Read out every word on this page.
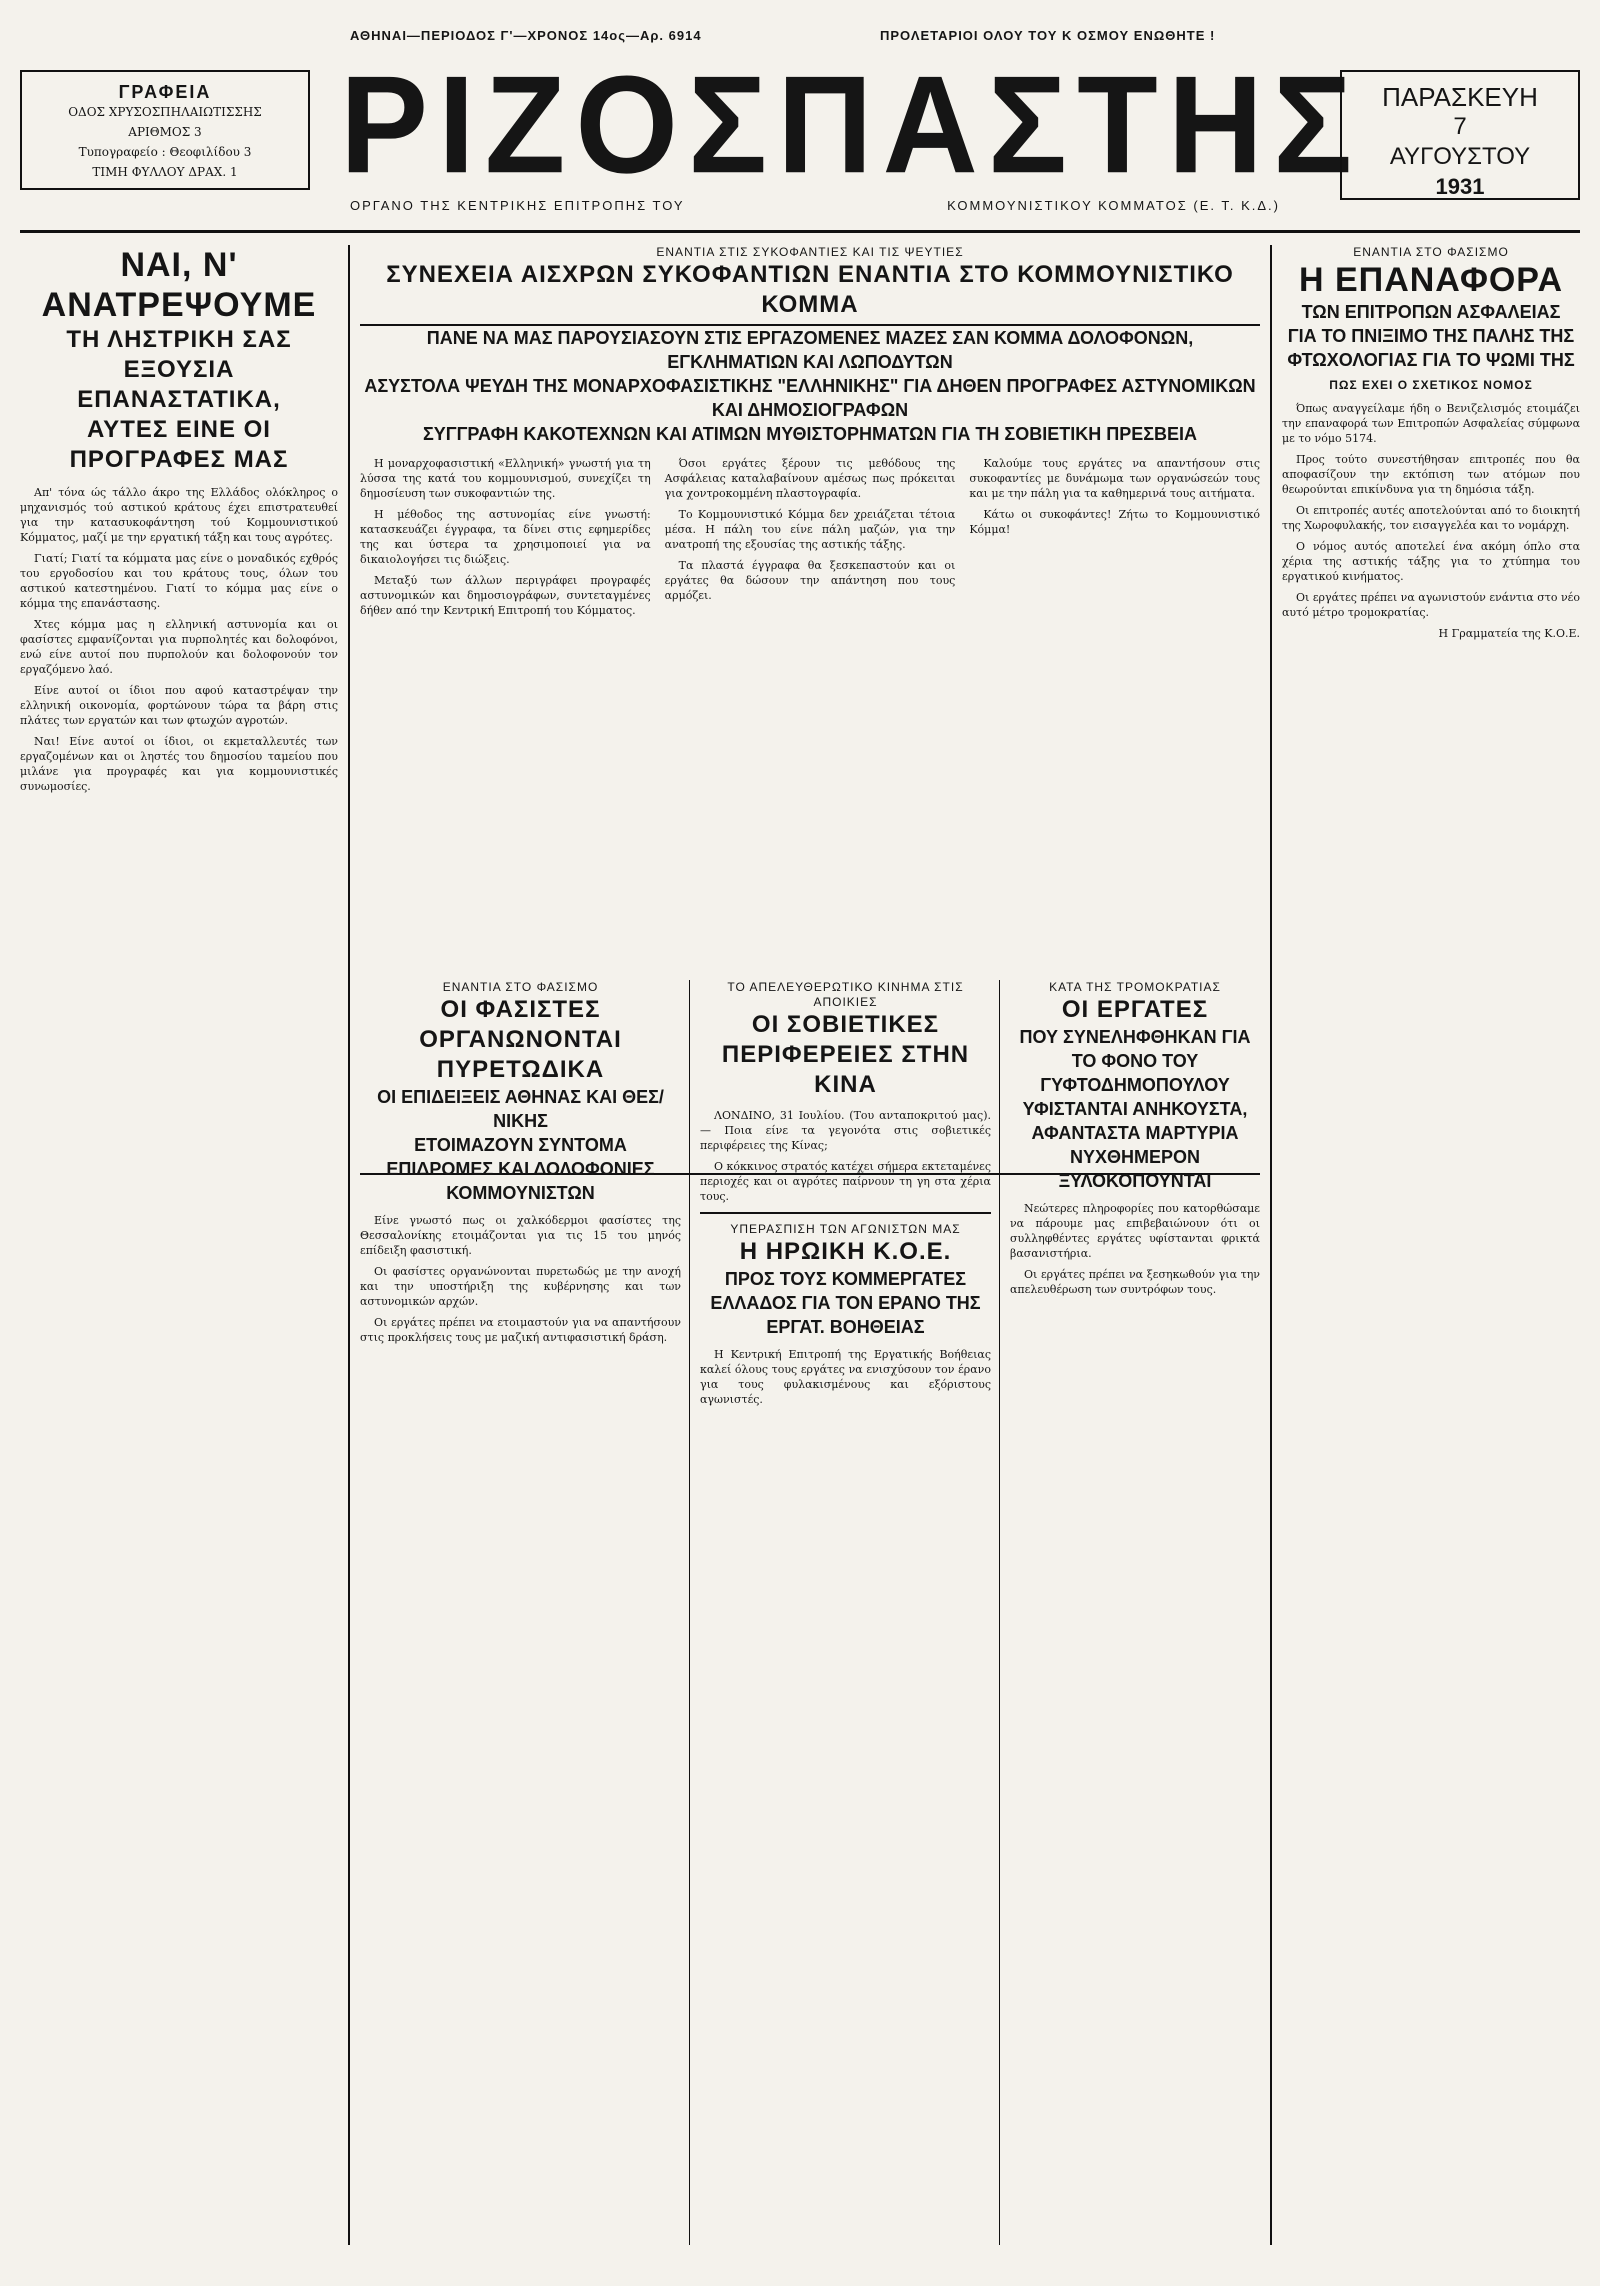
ΑΘΗΝΑΙ—ΠΕΡΙΟΔΟΣ Γ'—ΧΡΟΝΟΣ 14ος—Αρ. 6914	ΠΡΟΛΕΤΑΡΙΟΙ ΟΛΟΥ ΤΟΥ Κ ΟΣΜΟΥ ΕΝΩΘΗΤΕ !
ΓΡΑΦΕΙΑ
ΟΔΟΣ ΧΡΥΣΟΣΠΗΛΑΙΩΤΙΣΣΗΣ
ΑΡΙΘΜΟΣ 3
Τυπογραφείο : Θεοφιλίδου 3
ΤΙΜΗ ΦΥΛΛΟΥ ΔΡΑΧ. 1 ΡΙΖΟΣΠΑΣΤΗΣ ΠΑΡΑΣΚΕΥΗ
7
ΑΥΓΟΥΣΤΟΥ
1931
ΟΡΓΑΝΟ ΤΗΣ ΚΕΝΤΡΙΚΗΣ ΕΠΙΤΡΟΠΗΣ ΤΟΥ	ΚΟΜΜΟΥΝΙΣΤΙΚΟΥ ΚΟΜΜΑΤΟΣ (Ε. Τ. Κ.Δ.)
ΝΑΙ, Ν' ΑΝΑΤΡΕΨΟΥΜΕ
ΤΗ ΛΗΣΤΡΙΚΗ ΣΑΣ ΕΞΟΥΣΙΑ ΕΠΑΝΑΣΤΑΤΙΚΑ,
ΑΥΤΕΣ ΕΙΝΕ ΟΙ ΠΡΟΓΡΑΦΕΣ ΜΑΣ

Απ' τόνα ώς τάλλο άκρο της Ελλάδος ολόκληρος ο μηχανισμός τού αστικού κράτους έχει επιστρατευθεί για την κατασυκοφάντηση τού Κομμουνιστικού Κόμματος, μαζί με την εργατική τάξη και τους αγρότες.

Γιατί; Γιατί τα κόμματα μας είνε ο μοναδικός εχθρός του εργοδοσίου και του κράτους τους, όλων του αστικού κατεστημένου. Γιατί το κόμμα μας είνε ο κόμμα της επανάστασης.

Χτες κόμμα μας η ελληνική αστυνομία και οι φασίστες εμφανίζονται για πυρπολητές και δολοφόνοι, ενώ είνε αυτοί που πυρπολούν και δολοφονούν τον εργαζόμενο λαό.

Είνε αυτοί οι ίδιοι που αφού καταστρέψαν την ελληνική οικονομία, φορτώνουν τώρα τα βάρη στις πλάτες των εργατών και των φτωχών αγροτών.

Ναι! Είνε αυτοί οι ίδιοι, οι εκμεταλλευτές των εργαζομένων και οι ληστές του δημοσίου ταμείου που μιλάνε για προγραφές και για κομμουνιστικές συνωμοσίες.

ΕΝΑΝΤΙΑ ΣΤΙΣ ΣΥΚΟΦΑΝΤΙΕΣ ΚΑΙ ΤΙΣ ΨΕΥΤΙΕΣ
ΣΥΝΕΧΕΙΑ ΑΙΣΧΡΩΝ ΣΥΚΟΦΑΝΤΙΩΝ ΕΝΑΝΤΙΑ ΣΤΟ ΚΟΜΜΟΥΝΙΣΤΙΚΟ ΚΟΜΜΑ
ΠΑΝΕ ΝΑ ΜΑΣ ΠΑΡΟΥΣΙΑΣΟΥΝ ΣΤΙΣ ΕΡΓΑΖΟΜΕΝΕΣ ΜΑΖΕΣ ΣΑΝ ΚΟΜΜΑ ΔΟΛΟΦΟΝΩΝ, ΕΓΚΛΗΜΑΤΙΩΝ ΚΑΙ ΛΩΠΟΔΥΤΩΝ
ΑΣΥΣΤΟΛΑ ΨΕΥΔΗ ΤΗΣ ΜΟΝΑΡΧΟΦΑΣΙΣΤΙΚΗΣ "ΕΛΛΗΝΙΚΗΣ" ΓΙΑ ΔΗΘΕΝ ΠΡΟΓΡΑΦΕΣ ΑΣΤΥΝΟΜΙΚΩΝ ΚΑΙ ΔΗΜΟΣΙΟΓΡΑΦΩΝ
ΣΥΓΓΡΑΦΗ ΚΑΚΟΤΕΧΝΩΝ ΚΑΙ ΑΤΙΜΩΝ ΜΥΘΙΣΤΟΡΗΜΑΤΩΝ ΓΙΑ ΤΗ ΣΟΒΙΕΤΙΚΗ ΠΡΕΣΒΕΙΑ

Η μοναρχοφασιστική «Ελληνική» γνωστή για τη λύσσα της κατά του κομμουνισμού, συνεχίζει τη δημοσίευση των συκοφαντιών της.

Η μέθοδος της αστυνομίας είνε γνωστή: κατασκευάζει έγγραφα, τα δίνει στις εφημερίδες της και ύστερα τα χρησιμοποιεί για να δικαιολογήσει τις διώξεις.

Μεταξύ των άλλων περιγράφει προγραφές αστυνομικών και δημοσιογράφων, συντεταγμένες δήθεν από την Κεντρική Επιτροπή του Κόμματος.

Όσοι εργάτες ξέρουν τις μεθόδους της Ασφάλειας καταλαβαίνουν αμέσως πως πρόκειται για χοντροκομμένη πλαστογραφία.

Το Κομμουνιστικό Κόμμα δεν χρειάζεται τέτοια μέσα. Η πάλη του είνε πάλη μαζών, για την ανατροπή της εξουσίας της αστικής τάξης.

Τα πλαστά έγγραφα θα ξεσκεπαστούν και οι εργάτες θα δώσουν την απάντηση που τους αρμόζει.

Καλούμε τους εργάτες να απαντήσουν στις συκοφαντίες με δυνάμωμα των οργανώσεών τους και με την πάλη για τα καθημερινά τους αιτήματα.

Κάτω οι συκοφάντες! Ζήτω το Κομμουνιστικό Κόμμα!

ΕΝΑΝΤΙΑ ΣΤΟ ΦΑΣΙΣΜΟ
ΟΙ ΦΑΣΙΣΤΕΣ ΟΡΓΑΝΩΝΟΝΤΑΙ ΠΥΡΕΤΩΔΙΚΑ
ΟΙ ΕΠΙΔΕΙΞΕΙΣ ΑΘΗΝΑΣ ΚΑΙ ΘΕΣ/ΝΙΚΗΣ
ΕΤΟΙΜΑΖΟΥΝ ΣΥΝΤΟΜΑ ΕΠΙΔΡΟΜΕΣ ΚΑΙ ΔΟΛΟΦΟΝΙΕΣ ΚΟΜΜΟΥΝΙΣΤΩΝ

Είνε γνωστό πως οι χαλκόδερμοι φασίστες της Θεσσαλονίκης ετοιμάζονται για τις 15 του μηνός επίδειξη φασιστική.

Οι φασίστες οργανώνονται πυρετωδώς με την ανοχή και την υποστήριξη της κυβέρνησης και των αστυνομικών αρχών.

Οι εργάτες πρέπει να ετοιμαστούν για να απαντήσουν στις προκλήσεις τους με μαζική αντιφασιστική δράση.

ΤΟ ΑΠΕΛΕΥΘΕΡΩΤΙΚΟ ΚΙΝΗΜΑ ΣΤΙΣ ΑΠΟΙΚΙΕΣ
ΟΙ ΣΟΒΙΕΤΙΚΕΣ ΠΕΡΙΦΕΡΕΙΕΣ ΣΤΗΝ ΚΙΝΑ

ΛΟΝΔΙΝΟ, 31 Ιουλίου. (Του ανταποκριτού μας). — Ποια είνε τα γεγονότα στις σοβιετικές περιφέρειες της Κίνας;

Ο κόκκινος στρατός κατέχει σήμερα εκτεταμένες περιοχές και οι αγρότες παίρνουν τη γη στα χέρια τους.

ΥΠΕΡΑΣΠΙΣΗ ΤΩΝ ΑΓΩΝΙΣΤΩΝ ΜΑΣ
Η ΗΡΩΙΚΗ Κ.Ο.Ε.
ΠΡΟΣ ΤΟΥΣ ΚΟΜΜΕΡΓΑΤΕΣ ΕΛΛΑΔΟΣ ΓΙΑ ΤΟΝ ΕΡΑΝΟ ΤΗΣ ΕΡΓΑΤ. ΒΟΗΘΕΙΑΣ

Η Κεντρική Επιτροπή της Εργατικής Βοήθειας καλεί όλους τους εργάτες να ενισχύσουν τον έρανο για τους φυλακισμένους και εξόριστους αγωνιστές.

ΚΑΤΑ ΤΗΣ ΤΡΟΜΟΚΡΑΤΙΑΣ
ΟΙ ΕΡΓΑΤΕΣ
ΠΟΥ ΣΥΝΕΛΗΦΘΗΚΑΝ ΓΙΑ ΤΟ ΦΟΝΟ ΤΟΥ ΓΥΦΤΟΔΗΜΟΠΟΥΛΟΥ ΥΦΙΣΤΑΝΤΑΙ ΑΝΗΚΟΥΣΤΑ, ΑΦΑΝΤΑΣΤΑ ΜΑΡΤΥΡΙΑ
ΝΥΧΘΗΜΕΡΟΝ ΞΥΛΟΚΟΠΟΥΝΤΑΙ

Νεώτερες πληροφορίες που κατορθώσαμε να πάρουμε μας επιβεβαιώνουν ότι οι συλληφθέντες εργάτες υφίστανται φρικτά βασανιστήρια.

Οι εργάτες πρέπει να ξεσηκωθούν για την απελευθέρωση των συντρόφων τους.

ΕΝΑΝΤΙΑ ΣΤΟ ΦΑΣΙΣΜΟ
Η ΕΠΑΝΑΦΟΡΑ
ΤΩΝ ΕΠΙΤΡΟΠΩΝ ΑΣΦΑΛΕΙΑΣ
ΓΙΑ ΤΟ ΠΝΙΞΙΜΟ ΤΗΣ ΠΑΛΗΣ ΤΗΣ ΦΤΩΧΟΛΟΓΙΑΣ ΓΙΑ ΤΟ ΨΩΜΙ ΤΗΣ
ΠΩΣ ΕΧΕΙ Ο ΣΧΕΤΙΚΟΣ ΝΟΜΟΣ

Όπως αναγγείλαμε ήδη ο Βενιζελισμός ετοιμάζει την επαναφορά των Επιτροπών Ασφαλείας σύμφωνα με το νόμο 5174.

Προς τούτο συνεστήθησαν επιτροπές που θα αποφασίζουν την εκτόπιση των ατόμων που θεωρούνται επικίνδυνα για τη δημόσια τάξη.

Οι επιτροπές αυτές αποτελούνται από το διοικητή της Χωροφυλακής, τον εισαγγελέα και το νομάρχη.

Ο νόμος αυτός αποτελεί ένα ακόμη όπλο στα χέρια της αστικής τάξης για το χτύπημα του εργατικού κινήματος.

Οι εργάτες πρέπει να αγωνιστούν ενάντια στο νέο αυτό μέτρο τρομοκρατίας.

Η Γραμματεία της Κ.Ο.Ε.
